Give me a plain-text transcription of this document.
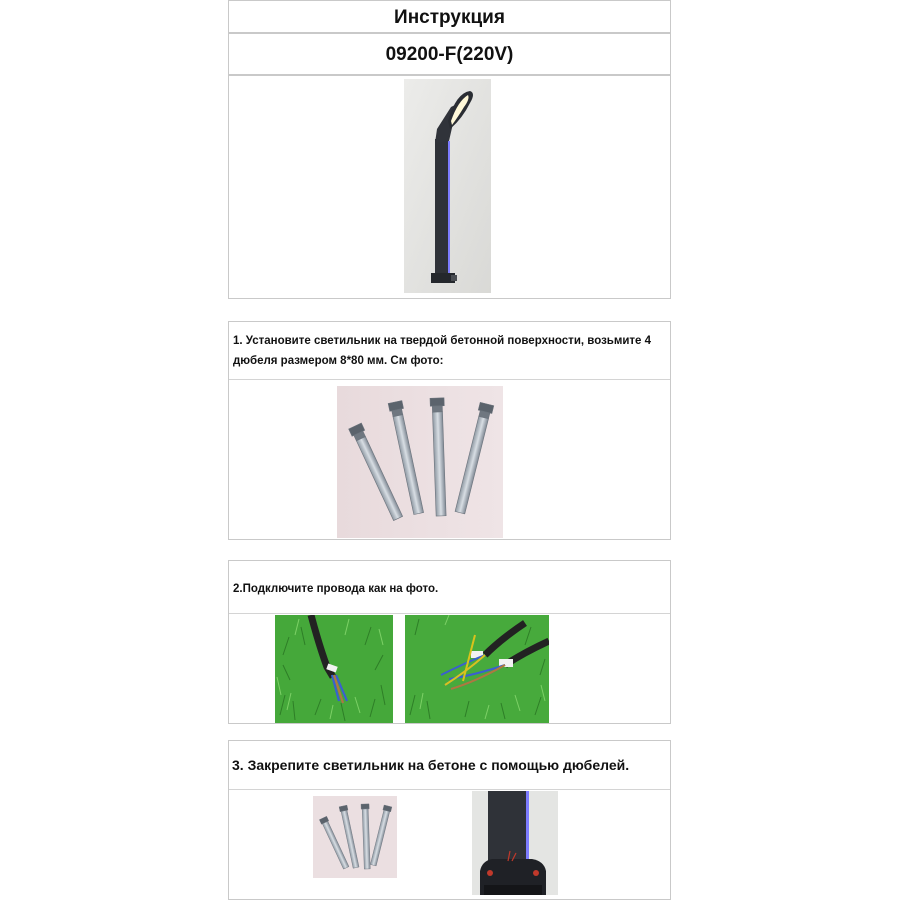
Инструкция
09200-F(220V)
1. Установите светильник на твердой бетонной поверхности, возьмите 4 дюбеля размером 8*80 мм. См фото:
2.Подключите провода как на фото.
3. Закрепите светильник на бетоне с помощью дюбелей.
